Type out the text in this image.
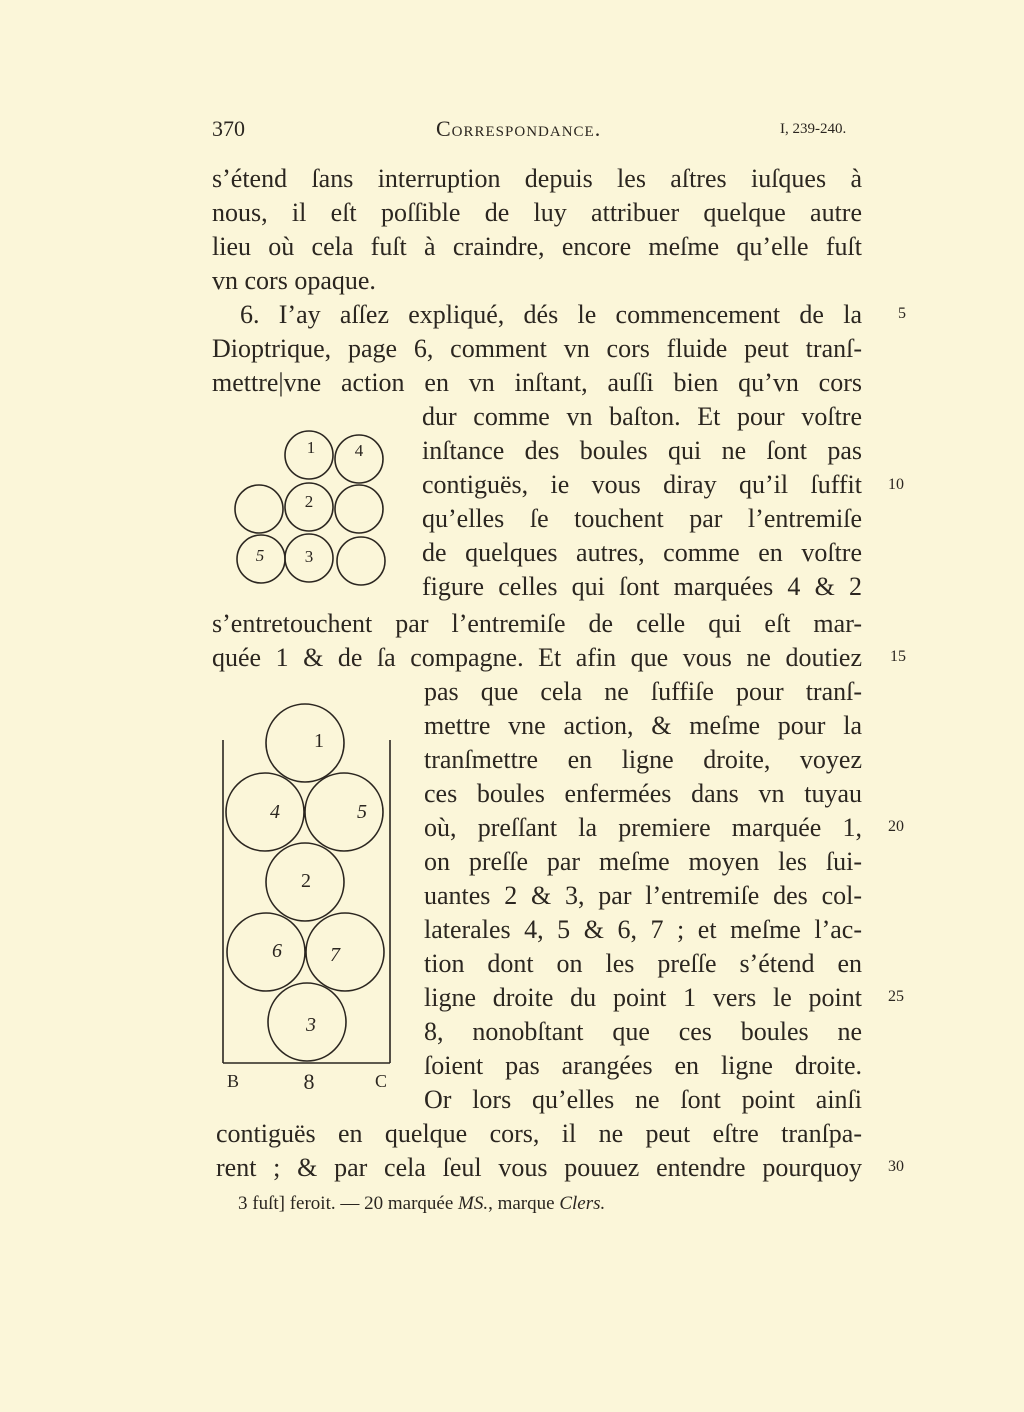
370	Correspondance.	I, 239-240.
s’étend ſans interruption depuis les aſtres iuſques à
nous, il eſt poſſible de luy attribuer quelque autre
lieu où cela fuſt à craindre, encore meſme qu’elle fuſt
vn cors opaque.
6. I’ay aſſez expliqué, dés le commencement de la
Dioptrique, page 6, comment vn cors fluide peut tranſ-
mettre|vne action en vn inſtant, auſſi bien qu’vn cors
dur comme vn baſton. Et pour voſtre
inſtance des boules qui ne ſont pas
contiguës, ie vous diray qu’il ſuffit
qu’elles ſe touchent par l’entremiſe
de quelques autres, comme en voſtre
figure celles qui ſont marquées 4 & 2
s’entretouchent par l’entremiſe de celle qui eſt mar-
quée 1 & de ſa compagne. Et afin que vous ne doutiez
pas que cela ne ſuffiſe pour tranſ-
mettre vne action, & meſme pour la
tranſmettre en ligne droite, voyez
ces boules enfermées dans vn tuyau
où, preſſant la premiere marquée 1,
on preſſe par meſme moyen les ſui-
uantes 2 & 3, par l’entremiſe des col-
laterales 4, 5 & 6, 7 ; et meſme l’ac-
tion dont on les preſſe s’étend en
ligne droite du point 1 vers le point
8, nonobſtant que ces boules ne
ſoient pas arangées en ligne droite.
Or lors qu’elles ne ſont point ainſi
contiguës en quelque cors, il ne peut eſtre tranſpa-
rent ; & par cela ſeul vous pouuez entendre pourquoy
5
10
15
20
25
30
1 4
2
5 3
1
4	5
2
6 7
3
B	8	C
3 fuſt] feroit. — 20 marquée MS., marque Clers.
